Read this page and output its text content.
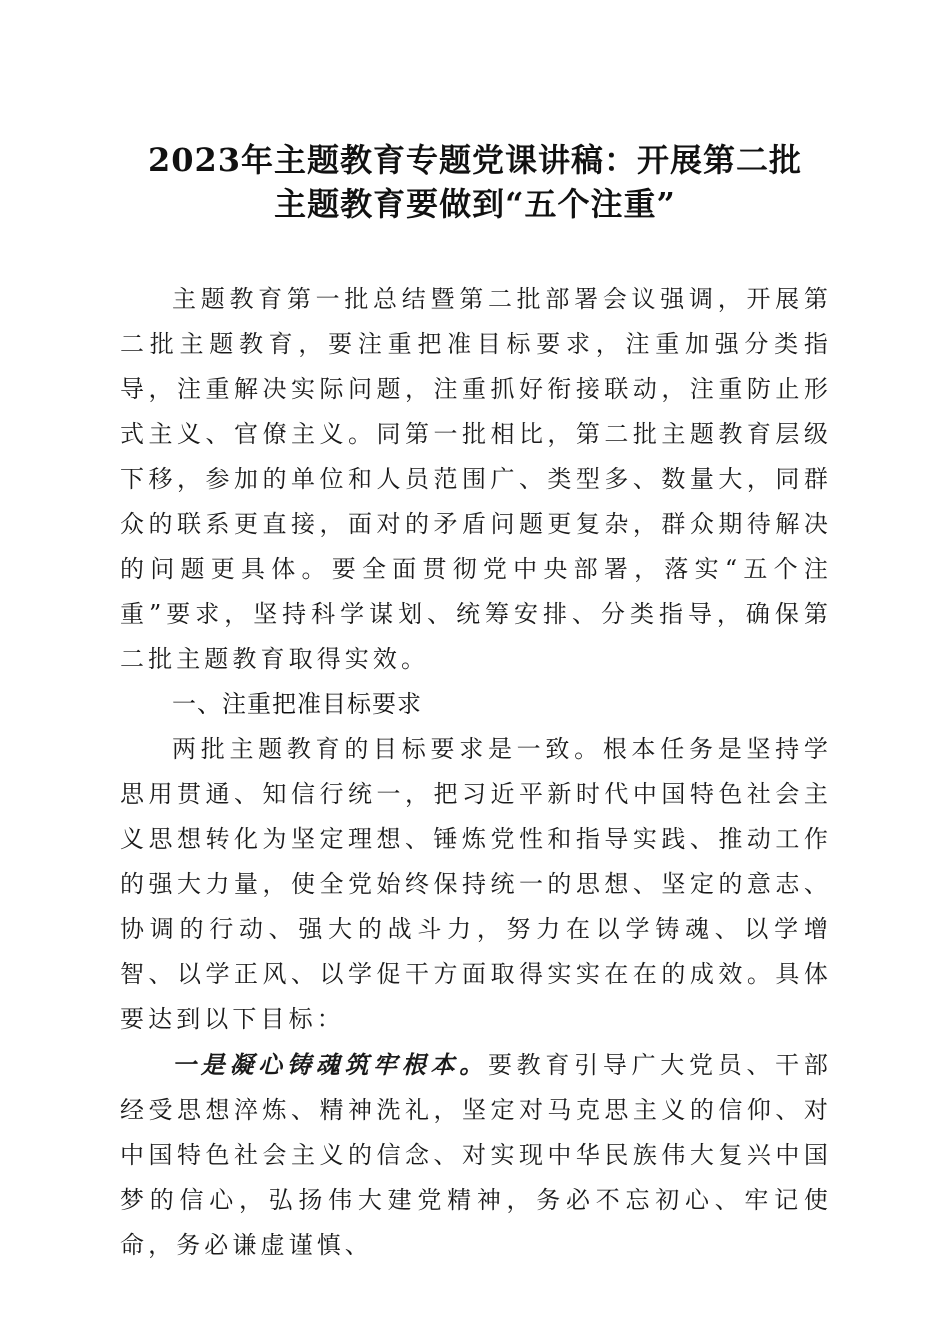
2023年主题教育专题党课讲稿：开展第二批
主题教育要做到“五个注重”

主题教育第一批总结暨第二批部署会议强调，开展第二批主题教育，要注重把准目标要求，注重加强分类指导，注重解决实际问题，注重抓好衔接联动，注重防止形式主义、官僚主义。同第一批相比，第二批主题教育层级下移，参加的单位和人员范围广、类型多、数量大，同群众的联系更直接，面对的矛盾问题更复杂，群众期待解决的问题更具体。要全面贯彻党中央部署，落实“五个注重”要求，坚持科学谋划、统筹安排、分类指导，确保第二批主题教育取得实效。

一、注重把准目标要求

两批主题教育的目标要求是一致。根本任务是坚持学思用贯通、知信行统一，把习近平新时代中国特色社会主义思想转化为坚定理想、锤炼党性和指导实践、推动工作的强大力量，使全党始终保持统一的思想、坚定的意志、协调的行动、强大的战斗力，努力在以学铸魂、以学增智、以学正风、以学促干方面取得实实在在的成效。具体要达到以下目标：

一是凝心铸魂筑牢根本。要教育引导广大党员、干部经受思想淬炼、精神洗礼，坚定对马克思主义的信仰、对中国特色社会主义的信念、对实现中华民族伟大复兴中国梦的信心，弘扬伟大建党精神，务必不忘初心、牢记使命，务必谦虚谨慎、
